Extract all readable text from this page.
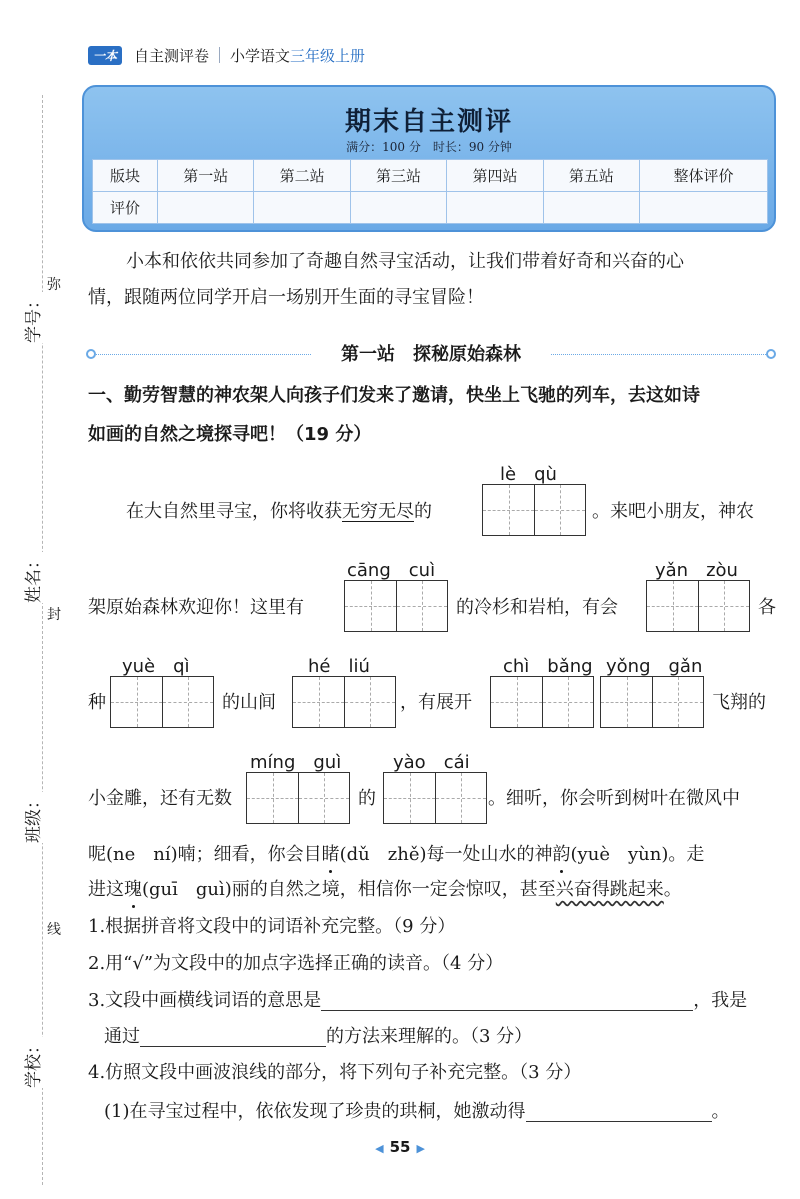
学号：
姓名：
班级：
学校：
弥
封
线
一本	自主测评卷 小学语文 三年级上册
期末自主测评
满分：100 分　时长：90 分钟
版块	第一站	第二站	第三站	第四站	第五站	整体评价
评价						
小本和依依共同参加了奇趣自然寻宝活动，让我们带着好奇和兴奋的心
情，跟随两位同学开启一场别开生面的寻宝冒险！
第一站　探秘原始森林
一、勤劳智慧的神农架人向孩子们发来了邀请，快坐上飞驰的列车，去这如诗
如画的自然之境探寻吧！（19 分）
lè　qù
在大自然里寻宝，你将收获无穷无尽的	。来吧小朋友，神农
cāng　cuì	yǎn　zòu
架原始森林欢迎你！这里有	的冷杉和岩柏，有会	各
yuè　qì	hé　liú	chì　bǎng yǒng　gǎn
种	的山间	，有展开	飞翔的
míng　guì	yào　cái
小金雕，还有无数	的	。细听，你会听到树叶在微风中
呢(ne　ní)喃；细看，你会目睹(dǔ　zhě)每一处山水的神韵(yuè　yùn)。走
进这瑰(guī　guì)丽的自然之境，相信你一定会惊叹，甚至兴奋得跳起来。
1.根据拼音将文段中的词语补充完整。（9 分）
2.用“√”为文段中的加点字选择正确的读音。（4 分）
3.文段中画横线词语的意思是	，我是
通过	的方法来理解的。（3 分）
4.仿照文段中画波浪线的部分，将下列句子补充完整。（3 分）
(1)在寻宝过程中，依依发现了珍贵的珙桐，她激动得	。
◀ 55 ▶
